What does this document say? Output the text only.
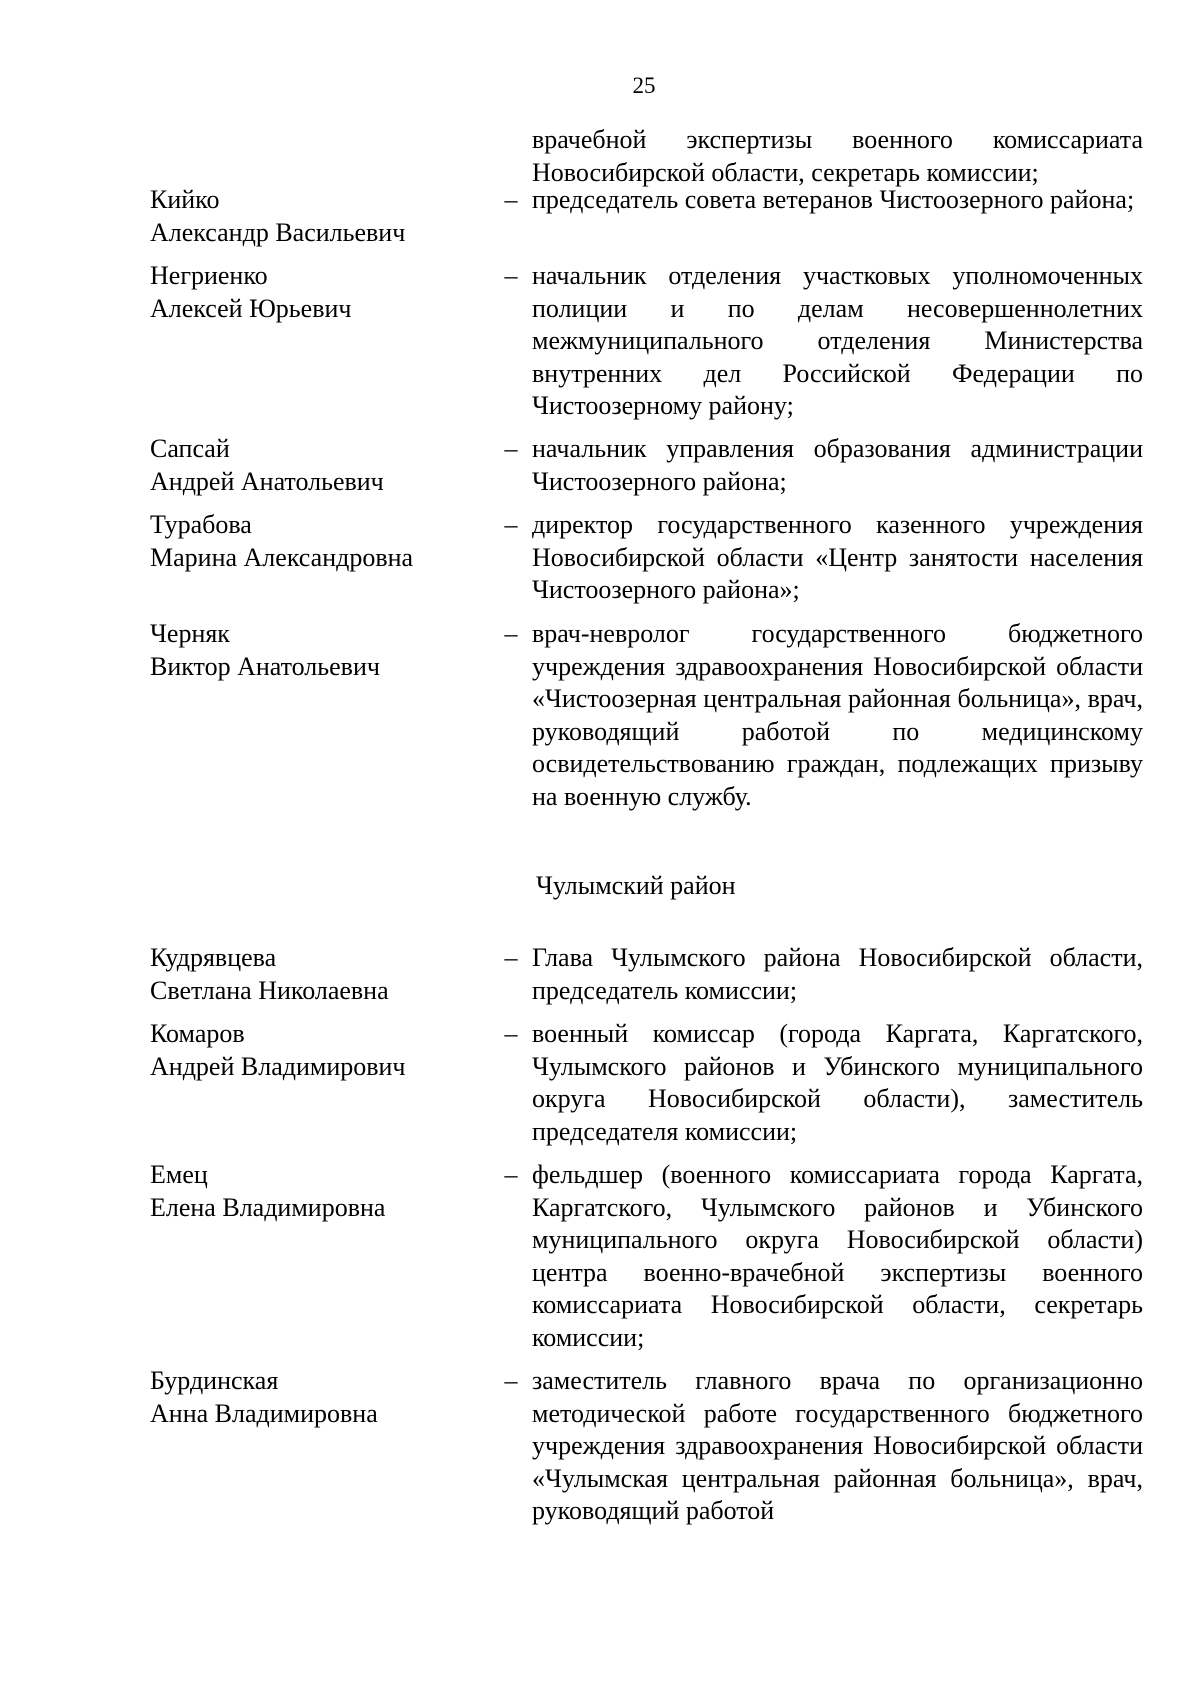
25
врачебной экспертизы военного комиссариата Новосибирской области, секретарь комиссии;
Кийко
Александр Васильевич
– председатель совета ветеранов Чистоозерного района;
Негриенко
Алексей Юрьевич
– начальник отделения участковых уполномоченных полиции и по делам несовершеннолетних межмуниципального отделения Министерства внутренних дел Российской Федерации по Чистоозерному району;
Сапсай
Андрей Анатольевич
– начальник управления образования администрации Чистоозерного района;
Турабова
Марина Александровна
– директор государственного казенного учреждения Новосибирской области «Центр занятости населения Чистоозерного района»;
Черняк
Виктор Анатольевич
– врач-невролог государственного бюджетного учреждения здравоохранения Новосибирской области «Чистоозерная центральная районная больница», врач, руководящий работой по медицинскому освидетельствованию граждан, подлежащих призыву на военную службу.
Чулымский район
Кудрявцева
Светлана Николаевна
– Глава Чулымского района Новосибирской области, председатель комиссии;
Комаров
Андрей Владимирович
– военный комиссар (города Каргата, Каргатского, Чулымского районов и Убинского муниципального округа Новосибирской области), заместитель председателя комиссии;
Емец
Елена Владимировна
– фельдшер (военного комиссариата города Каргата, Каргатского, Чулымского районов и Убинского муниципального округа Новосибирской области) центра военно-врачебной экспертизы военного комиссариата Новосибирской области, секретарь комиссии;
Бурдинская
Анна Владимировна
– заместитель главного врача по организационно методической работе государственного бюджетного учреждения здравоохранения Новосибирской области «Чулымская центральная районная больница», врач, руководящий работой
